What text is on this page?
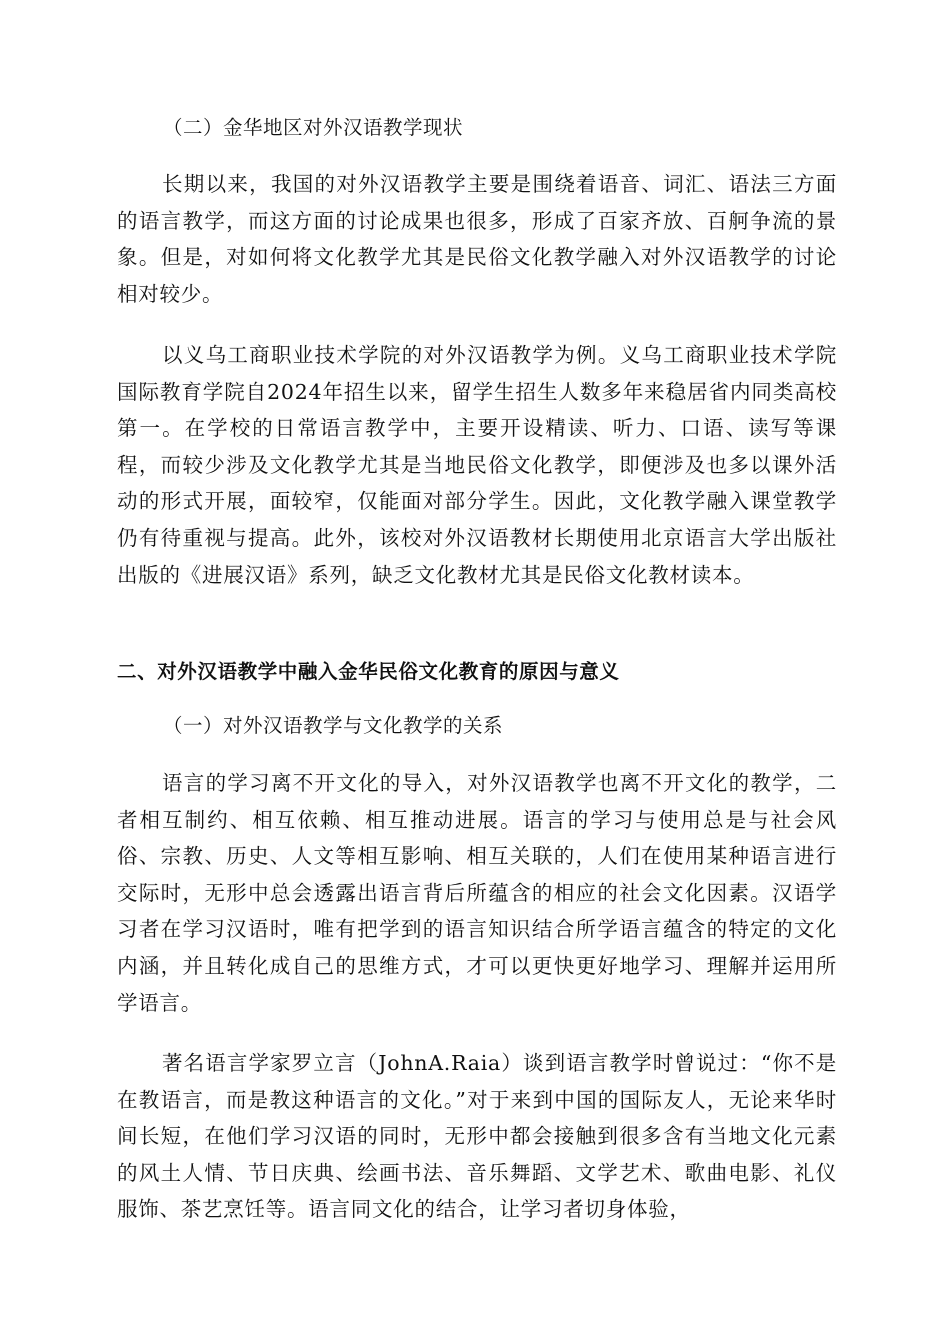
（二）金华地区对外汉语教学现状

长期以来，我国的对外汉语教学主要是围绕着语音、词汇、语法三方面的语言教学，而这方面的讨论成果也很多，形成了百家齐放、百舸争流的景象。但是，对如何将文化教学尤其是民俗文化教学融入对外汉语教学的讨论相对较少。

以义乌工商职业技术学院的对外汉语教学为例。义乌工商职业技术学院国际教育学院自2024年招生以来，留学生招生人数多年来稳居省内同类高校第一。在学校的日常语言教学中，主要开设精读、听力、口语、读写等课程，而较少涉及文化教学尤其是当地民俗文化教学，即便涉及也多以课外活动的形式开展，面较窄，仅能面对部分学生。因此，文化教学融入课堂教学仍有待重视与提高。此外，该校对外汉语教材长期使用北京语言大学出版社出版的《进展汉语》系列，缺乏文化教材尤其是民俗文化教材读本。

二、对外汉语教学中融入金华民俗文化教育的原因与意义
（一）对外汉语教学与文化教学的关系

语言的学习离不开文化的导入，对外汉语教学也离不开文化的教学，二者相互制约、相互依赖、相互推动进展。语言的学习与使用总是与社会风俗、宗教、历史、人文等相互影响、相互关联的，人们在使用某种语言进行交际时，无形中总会透露出语言背后所蕴含的相应的社会文化因素。汉语学习者在学习汉语时，唯有把学到的语言知识结合所学语言蕴含的特定的文化内涵，并且转化成自己的思维方式，才可以更快更好地学习、理解并运用所学语言。

著名语言学家罗立言（JohnA.Raia）谈到语言教学时曾说过：“你不是在教语言，而是教这种语言的文化。”对于来到中国的国际友人，无论来华时间长短，在他们学习汉语的同时，无形中都会接触到很多含有当地文化元素的风土人情、节日庆典、绘画书法、音乐舞蹈、文学艺术、歌曲电影、礼仪服饰、茶艺烹饪等。语言同文化的结合，让学习者切身体验，
